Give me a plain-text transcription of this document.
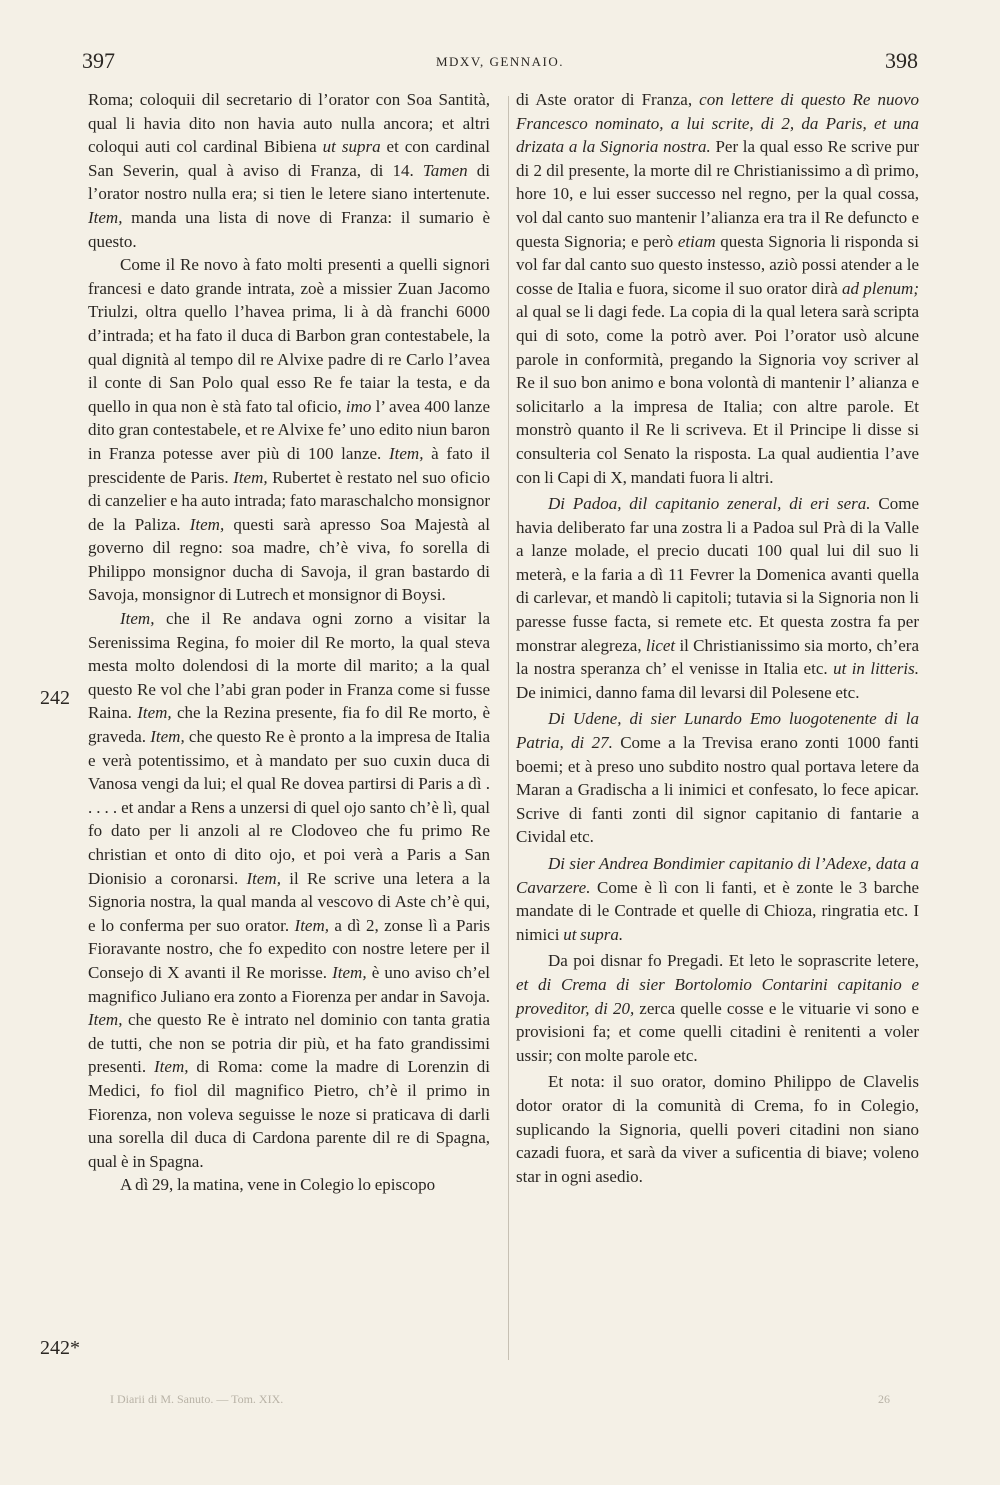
397	MDXV, GENNAIO.	398
242
242*

Roma; coloquii dil secretario di l’orator con Soa Santità, qual li havia dito non havia auto nulla ancora; et altri coloqui auti col cardinal Bibiena ut supra et con cardinal San Severin, qual à aviso di Franza, di 14. Tamen di l’orator nostro nulla era; si tien le letere siano intertenute. Item, manda una lista di nove di Franza: il sumario è questo.

Come il Re novo à fato molti presenti a quelli signori francesi e dato grande intrata, zoè a missier Zuan Jacomo Triulzi, oltra quello l’havea prima, li à dà franchi 6000 d’intrada; et ha fato il duca di Barbon gran contestabele, la qual dignità al tempo dil re Alvixe padre di re Carlo l’avea il conte di San Polo qual esso Re fe taiar la testa, e da quello in qua non è stà fato tal oficio, imo l’ avea 400 lanze dito gran contestabele, et re Alvixe fe’ uno edito niun baron in Franza potesse aver più di 100 lanze. Item, à fato il prescidente de Paris. Item, Rubertet è restato nel suo oficio di canzelier e ha auto intrada; fato maraschalcho monsignor de la Paliza. Item, questi sarà apresso Soa Majestà al governo dil regno: soa madre, ch’è viva, fo sorella di Philippo monsignor ducha di Savoja, il gran bastardo di Savoja, monsignor di Lutrech et monsignor di Boysi.

Item, che il Re andava ogni zorno a visitar la Serenissima Regina, fo moier dil Re morto, la qual steva mesta molto dolendosi di la morte dil marito; a la qual questo Re vol che l’abi gran poder in Franza come si fusse Raina. Item, che la Rezina presente, fia fo dil Re morto, è graveda. Item, che questo Re è pronto a la impresa de Italia e verà potentissimo, et à mandato per suo cuxin duca di Vanosa vengi da lui; el qual Re dovea partirsi di Paris a dì . . . . . et andar a Rens a unzersi di quel ojo santo ch’è lì, qual fo dato per li anzoli al re Clodoveo che fu primo Re christian et onto di dito ojo, et poi verà a Paris a San Dionisio a coronarsi. Item, il Re scrive una letera a la Signoria nostra, la qual manda al vescovo di Aste ch’è qui, e lo conferma per suo orator. Item, a dì 2, zonse lì a Paris Fioravante nostro, che fo expedito con nostre letere per il Consejo di X avanti il Re morisse. Item, è uno aviso ch’el magnifico Juliano era zonto a Fiorenza per andar in Savoja. Item, che questo Re è intrato nel dominio con tanta gratia de tutti, che non se potria dir più, et ha fato grandissimi presenti. Item, di Roma: come la madre di Lorenzin di Medici, fo fiol dil magnifico Pietro, ch’è il primo in Fiorenza, non voleva seguisse le noze si praticava di darli una sorella dil duca di Cardona parente dil re di Spagna, qual è in Spagna.

A dì 29, la matina, vene in Colegio lo episcopo

di Aste orator di Franza, con lettere di questo Re nuovo Francesco nominato, a lui scrite, di 2, da Paris, et una drizata a la Signoria nostra. Per la qual esso Re scrive pur di 2 dil presente, la morte dil re Christianissimo a dì primo, hore 10, e lui esser successo nel regno, per la qual cossa, vol dal canto suo mantenir l’alianza era tra il Re defuncto e questa Signoria; e però etiam questa Signoria li risponda si vol far dal canto suo questo instesso, aziò possi atender a le cosse de Italia e fuora, sicome il suo orator dirà ad plenum; al qual se li dagi fede. La copia di la qual letera sarà scripta qui di soto, come la potrò aver. Poi l’orator usò alcune parole in conformità, pregando la Signoria voy scriver al Re il suo bon animo e bona volontà di mantenir l’ alianza e solicitarlo a la impresa de Italia; con altre parole. Et monstrò quanto il Re li scriveva. Et il Principe li disse si consulteria col Senato la risposta. La qual audientia l’ave con li Capi di X, mandati fuora li altri.

Di Padoa, dil capitanio zeneral, di eri sera. Come havia deliberato far una zostra li a Padoa sul Prà di la Valle a lanze molade, el precio ducati 100 qual lui dil suo li meterà, e la faria a dì 11 Fevrer la Domenica avanti quella di carlevar, et mandò li capitoli; tutavia si la Signoria non li paresse fusse facta, si remete etc. Et questa zostra fa per monstrar alegreza, licet il Christianissimo sia morto, ch’era la nostra speranza ch’ el venisse in Italia etc. ut in litteris. De inimici, danno fama dil levarsi dil Polesene etc.

Di Udene, di sier Lunardo Emo luogotenente di la Patria, di 27. Come a la Trevisa erano zonti 1000 fanti boemi; et à preso uno subdito nostro qual portava letere da Maran a Gradischa a li inimici et confesato, lo fece apicar. Scrive di fanti zonti dil signor capitanio di fantarie a Cividal etc.

Di sier Andrea Bondimier capitanio di l’Adexe, data a Cavarzere. Come è lì con li fanti, et è zonte le 3 barche mandate di le Contrade et quelle di Chioza, ringratia etc. I nimici ut supra.

Da poi disnar fo Pregadi. Et leto le soprascrite letere, et di Crema di sier Bortolomio Contarini capitanio e proveditor, di 20, zerca quelle cosse e le vituarie vi sono e provisioni fa; et come quelli citadini è renitenti a voler ussir; con molte parole etc.

Et nota: il suo orator, domino Philippo de Clavelis dotor orator di la comunità di Crema, fo in Colegio, suplicando la Signoria, quelli poveri citadini non siano cazadi fuora, et sarà da viver a suficentia di biave; voleno star in ogni asedio.

I Diarii di M. Sanuto. — Tom. XIX.	26
